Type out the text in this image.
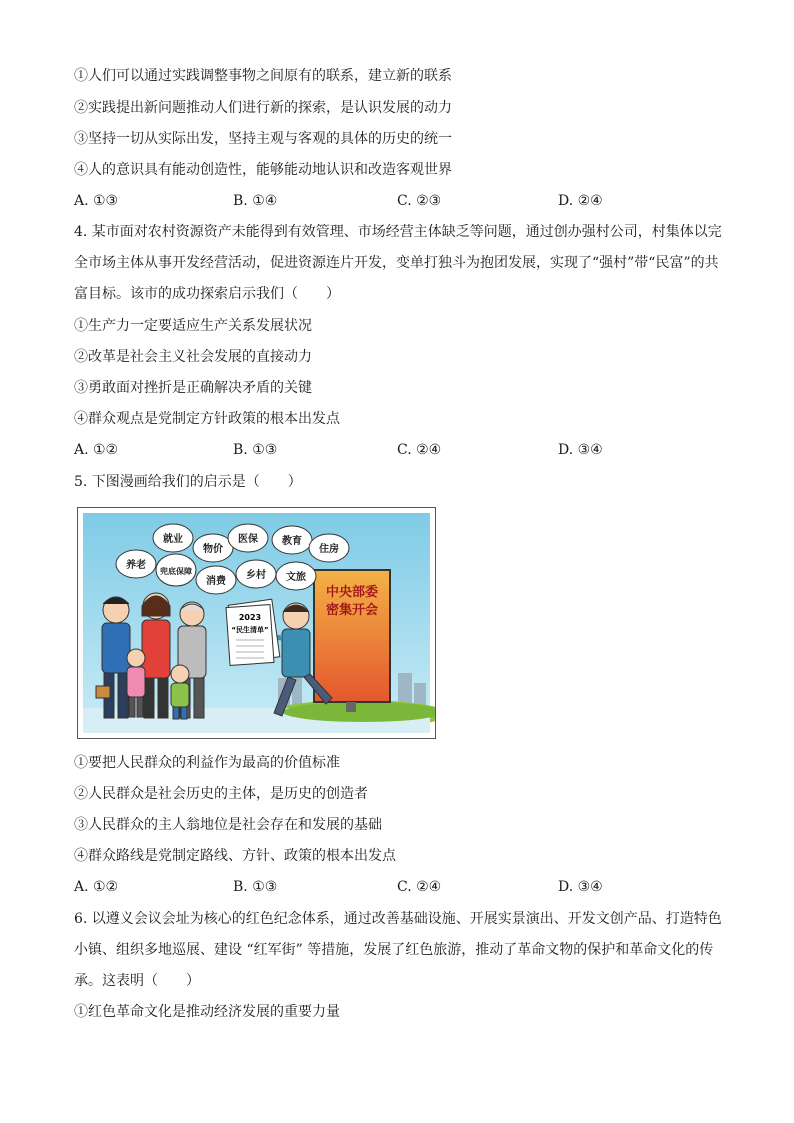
①人们可以通过实践调整事物之间原有的联系，建立新的联系
②实践提出新问题推动人们进行新的探索，是认识发展的动力
③坚持一切从实际出发，坚持主观与客观的具体的历史的统一
④人的意识具有能动创造性，能够能动地认识和改造客观世界
A. ①③	B. ①④	C. ②③	D. ②④
4. 某市面对农村资源资产未能得到有效管理、市场经营主体缺乏等问题，通过创办强村公司，村集体以完全市场主体从事开发经营活动，促进资源连片开发，变单打独斗为抱团发展，实现了“强村”带“民富”的共富目标。该市的成功探索启示我们（　　）
①生产力一定要适应生产关系发展状况
②改革是社会主义社会发展的直接动力
③勇敢面对挫折是正确解决矛盾的关键
④群众观点是党制定方针政策的根本出发点
A. ①②	B. ①③	C. ②④	D. ③④
5. 下图漫画给我们的启示是（　　）
中央部委
密集开会
就业
物价
医保 教育
住房
养老
兜底保障
消费
乡村 文旅
2023
“民生清单”
①要把人民群众的利益作为最高的价值标准
②人民群众是社会历史的主体，是历史的创造者
③人民群众的主人翁地位是社会存在和发展的基础
④群众路线是党制定路线、方针、政策的根本出发点
A. ①②	B. ①③	C. ②④	D. ③④
6. 以遵义会议会址为核心的红色纪念体系，通过改善基础设施、开展实景演出、开发文创产品、打造特色小镇、组织多地巡展、建设 “红军街” 等措施，发展了红色旅游，推动了革命文物的保护和革命文化的传承。这表明（　　）
①红色革命文化是推动经济发展的重要力量
